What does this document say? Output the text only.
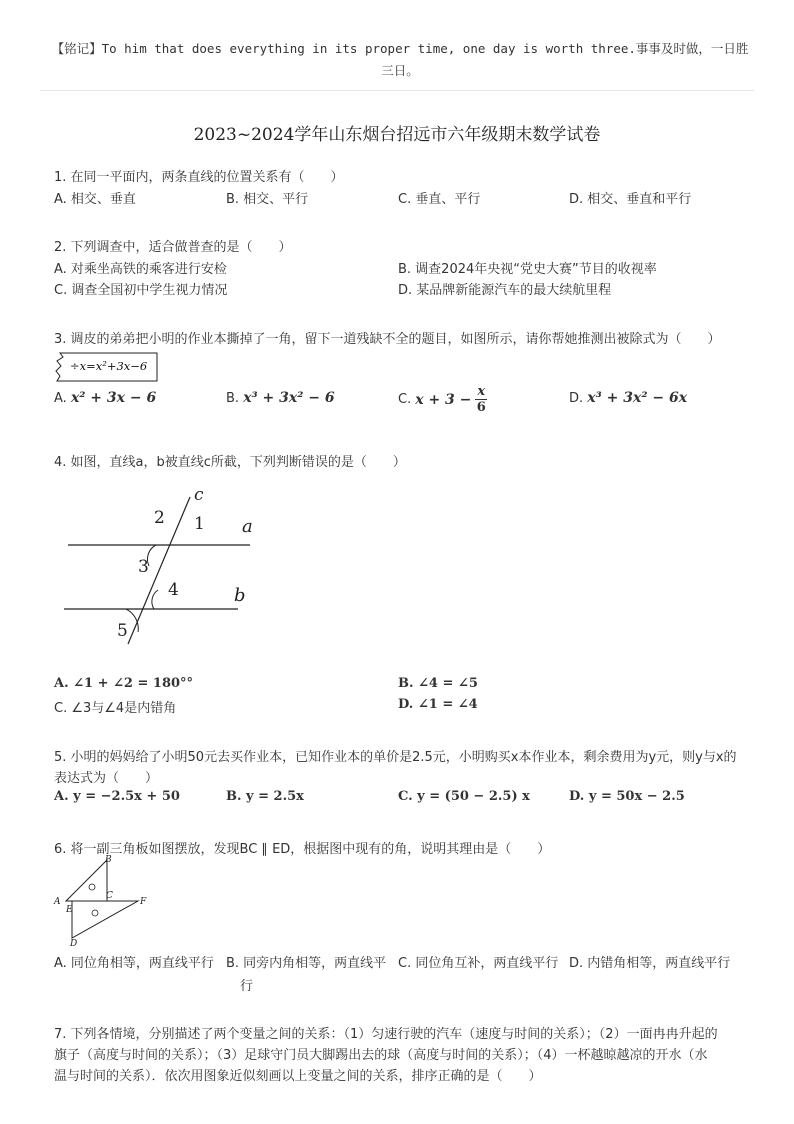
【铭记】To him that does everything in its proper time, one day is worth three.事事及时做，一日胜
三日。
2023~2024学年山东烟台招远市六年级期末数学试卷
1. 在同一平面内，两条直线的位置关系有（　　）
A. 相交、垂直	B. 相交、平行	C. 垂直、平行	D. 相交、垂直和平行
2. 下列调查中，适合做普查的是（　　）
A. 对乘坐高铁的乘客进行安检	B. 调查2024年央视“党史大赛”节目的收视率
C. 调查全国初中学生视力情况	D. 某品牌新能源汽车的最大续航里程
3. 调皮的弟弟把小明的作业本撕掉了一角，留下一道残缺不全的题目，如图所示，请你帮她推测出被除式为（　　）
÷x=x²+3x−6
A. x² + 3x − 6	B. x³ + 3x² − 6	C. $x + 3 - \frac{x}{6}$	D. x³ + 3x² − 6x
4. 如图，直线a，b被直线c所截，下列判断错误的是（　　）
c
a
b
1
2
3
4
5
A. ∠1 + ∠2 = 180°°	B. ∠4 = ∠5
C. ∠3与∠4是内错角	D. ∠1 = ∠4
5. 小明的妈妈给了小明50元去买作业本，已知作业本的单价是2.5元，小明购买x本作业本，剩余费用为y元，则y与x的
表达式为（　　）
A. y = −2.5x + 50	B. y = 2.5x	C. y = (50 − 2.5) x	D. y = 50x − 2.5
6. 将一副三角板如图摆放，发现BC ∥ ED，根据图中现有的角，说明其理由是（　　）
A
B
C
D
E
F
A. 同位角相等，两直线平行 B. 同旁内角相等，两直线平
行
C. 同位角互补，两直线平行 D. 内错角相等，两直线平行
7. 下列各情境，分别描述了两个变量之间的关系：（1）匀速行驶的汽车（速度与时间的关系）；（2）一面冉冉升起的
旗子（高度与时间的关系）；（3）足球守门员大脚踢出去的球（高度与时间的关系）；（4）一杯越晾越凉的开水（水
温与时间的关系）．依次用图象近似刻画以上变量之间的关系，排序正确的是（　　）
